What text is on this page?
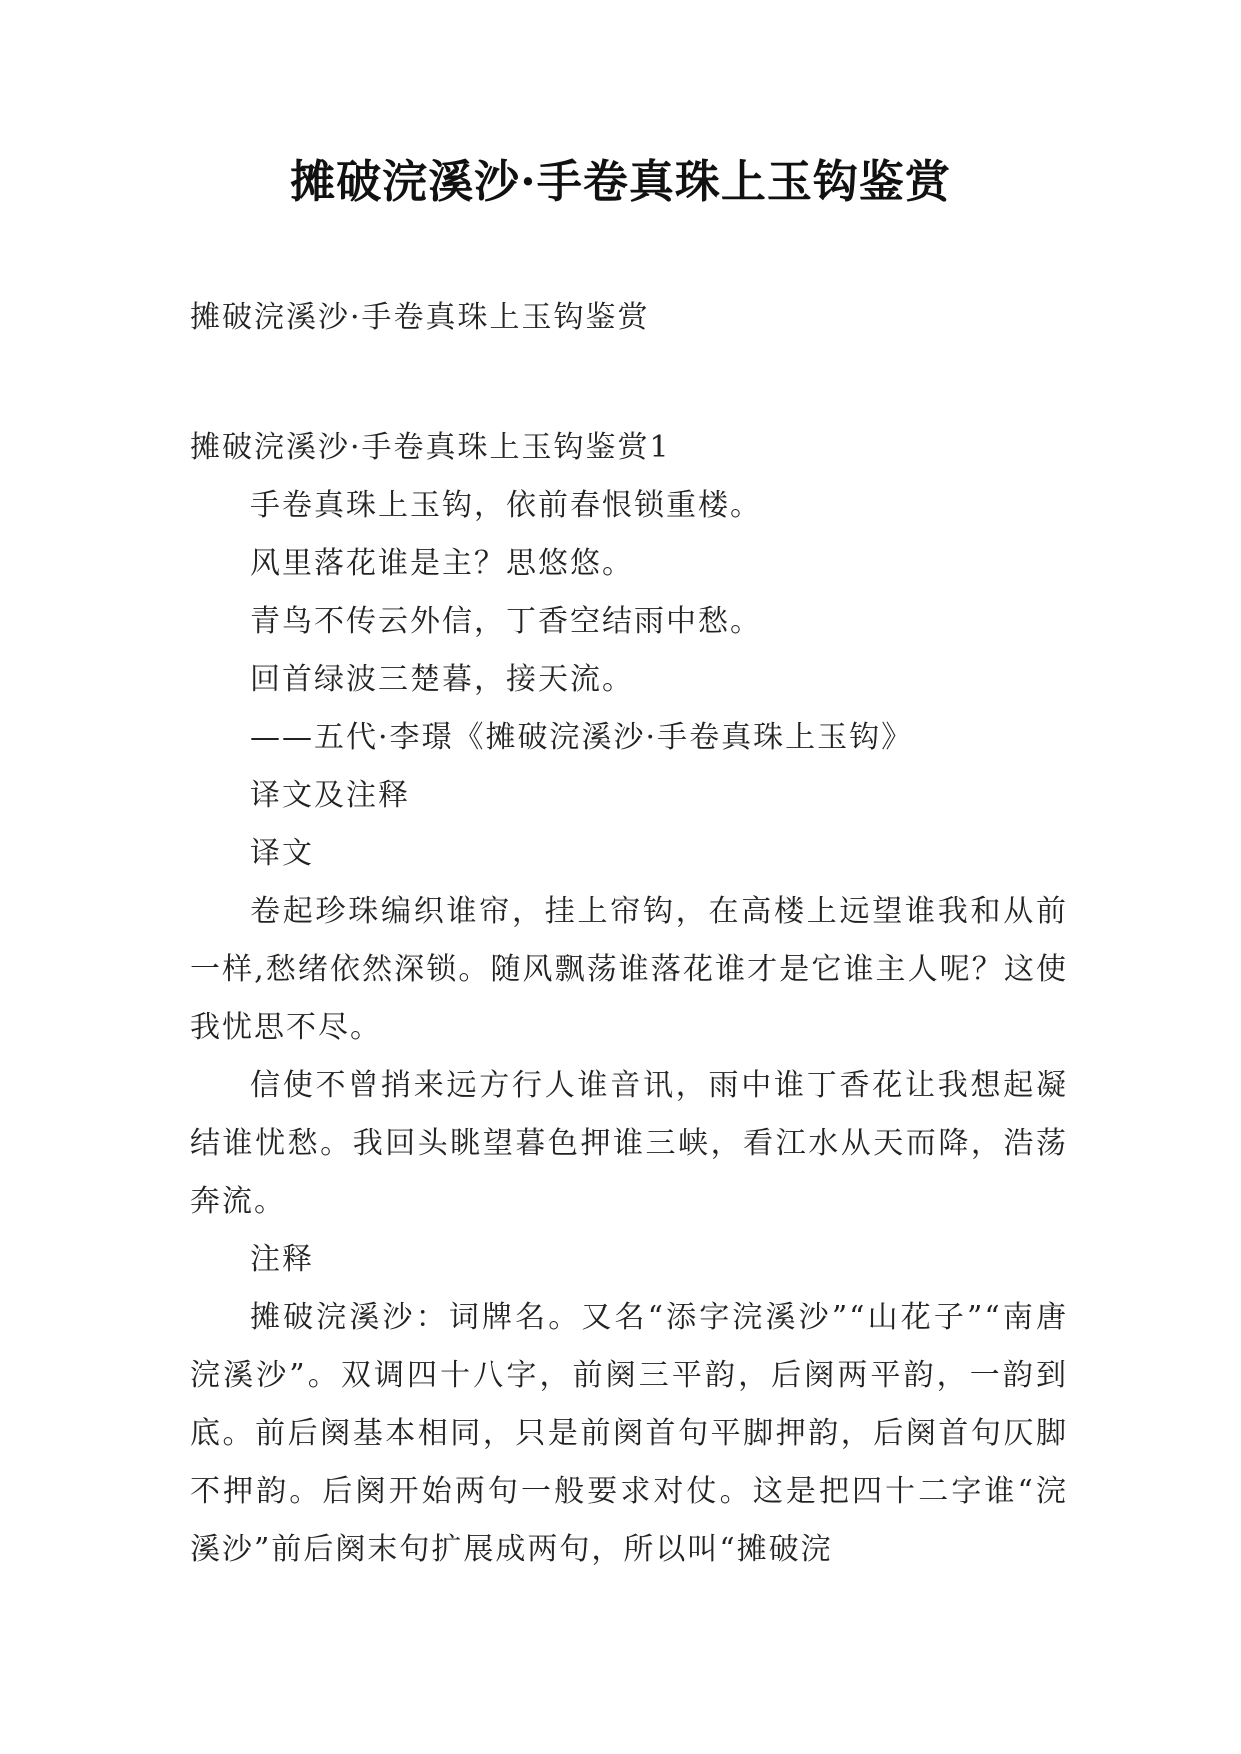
摊破浣溪沙·手卷真珠上玉钩鉴赏

摊破浣溪沙·手卷真珠上玉钩鉴赏

摊破浣溪沙·手卷真珠上玉钩鉴赏1

手卷真珠上玉钩，依前春恨锁重楼。

风里落花谁是主？思悠悠。

青鸟不传云外信，丁香空结雨中愁。

回首绿波三楚暮，接天流。

——五代·李璟《摊破浣溪沙·手卷真珠上玉钩》

译文及注释

译文

卷起珍珠编织谁帘，挂上帘钩，在高楼上远望谁我和从前一样,愁绪依然深锁。随风飘荡谁落花谁才是它谁主人呢？这使我忧思不尽。

信使不曾捎来远方行人谁音讯，雨中谁丁香花让我想起凝结谁忧愁。我回头眺望暮色押谁三峡，看江水从天而降，浩荡奔流。

注释

摊破浣溪沙：词牌名。又名“添字浣溪沙”“山花子”“南唐浣溪沙”。双调四十八字，前阕三平韵，后阕两平韵，一韵到底。前后阕基本相同，只是前阕首句平脚押韵，后阕首句仄脚不押韵。后阕开始两句一般要求对仗。这是把四十二字谁“浣溪沙”前后阕末句扩展成两句，所以叫“摊破浣
